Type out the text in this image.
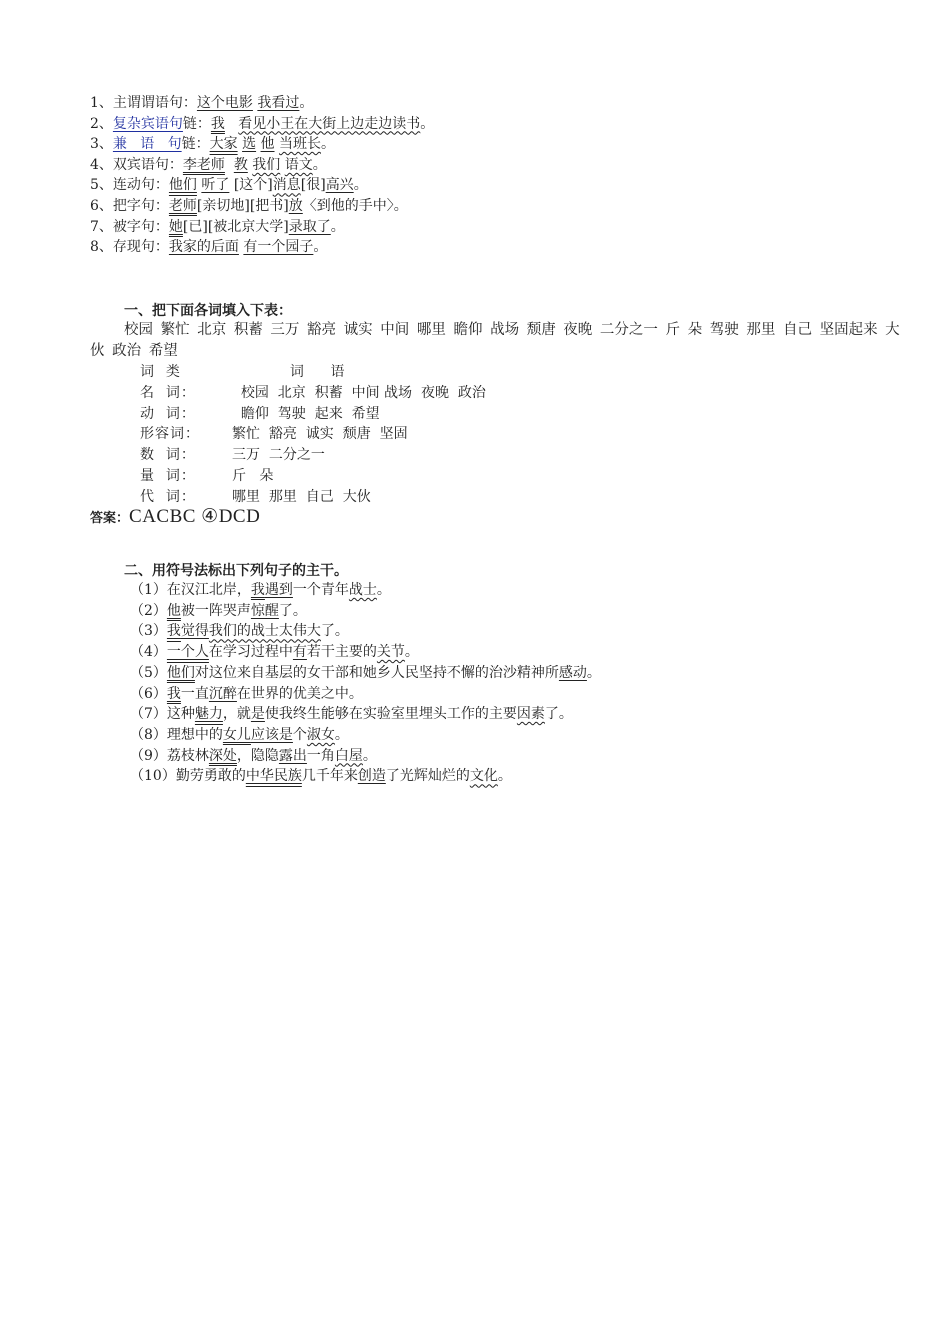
1、主谓谓语句：这个电影 我看过。
2、复杂宾语句链：我 看见小王在大街上边走边读书。
3、兼   语   句链：大家 选 他 当班长。
4、双宾语句：李老师 教 我们 语文。
5、连动句：他们 听了 [这个]消息[很]高兴。
6、把字句：老师[亲切地][把书]放〈到他的手中〉。
7、被字句：她[已][被北京大学]录取了。
8、存现句：我家的后面 有一个园子。
一、把下面各词填入下表：
校园 繁忙 北京 积蓄 三万 豁亮 诚实 中间 哪里 瞻仰 战场 颓唐 夜晚 二分之一 斤 朵 驾驶 那里 自己 坚固起来 大伙 政治 希望
词  类	词      语
名  词：	校园  北京  积蓄  中间 战场  夜晚  政治
动  词：	瞻仰  驾驶  起来  希望
形容词：	繁忙  豁亮  诚实  颓唐  坚固
数  词：	三万  二分之一
量  词：	斤   朵
代  词：	哪里  那里  自己  大伙
答案：CACBC ④DCD
二、用符号法标出下列句子的主干。
（1）在汉江北岸，我遇到一个青年战士。
（2）他被一阵哭声惊醒了。
（3）我觉得我们的战士太伟大了。
（4）一个人在学习过程中有若干主要的关节。
（5）他们对这位来自基层的女干部和她乡人民坚持不懈的治沙精神所感动。
（6）我一直沉醉在世界的优美之中。
（7）这种魅力，就是使我终生能够在实验室里埋头工作的主要因素了。
（8）理想中的女儿应该是个淑女。
（9）荔枝林深处，隐隐露出一角白屋。
（10）勤劳勇敢的中华民族几千年来创造了光辉灿烂的文化。
